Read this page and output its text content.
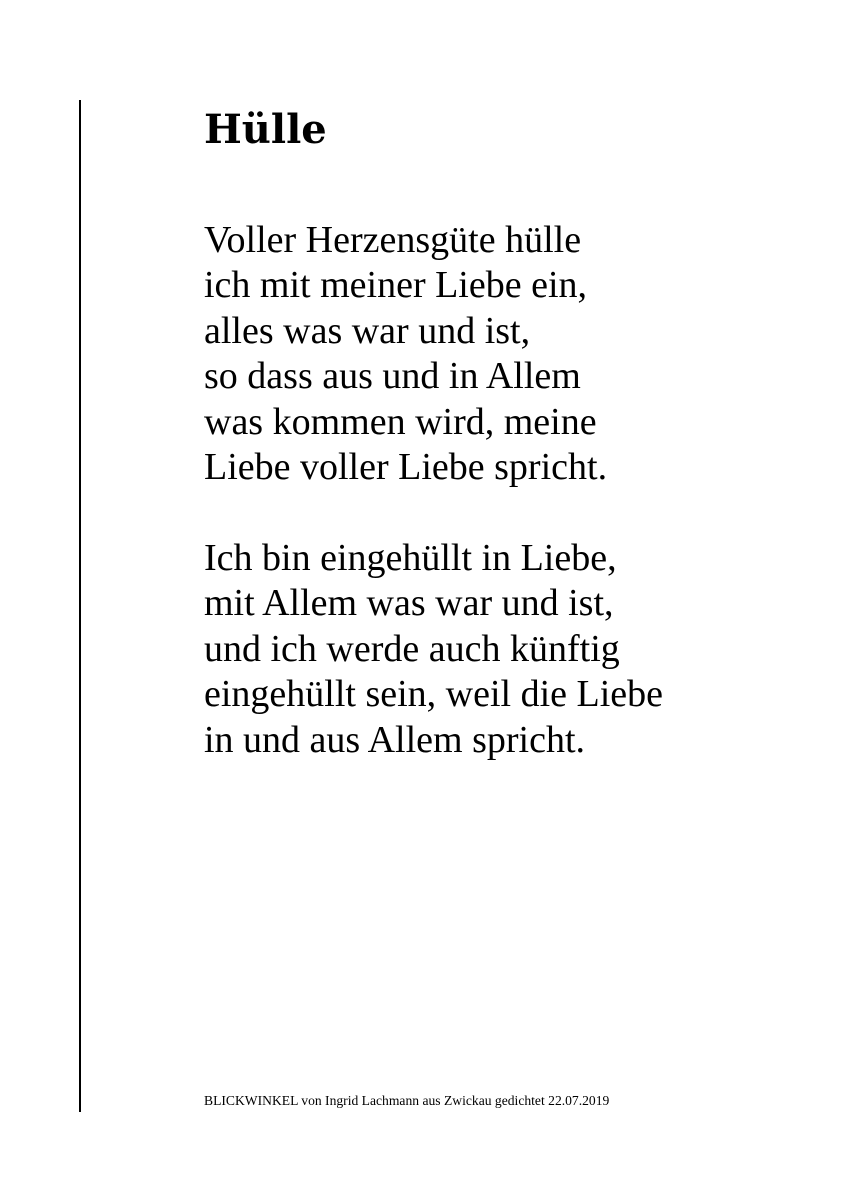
Hülle

Voller Herzensgüte hülle
ich mit meiner Liebe ein,
alles was war und ist,
so dass aus und in Allem
was kommen wird, meine
Liebe voller Liebe spricht.

Ich bin eingehüllt in Liebe,
mit Allem was war und ist,
und ich werde auch künftig
eingehüllt sein, weil die Liebe
in und aus Allem spricht.

BLICKWINKEL von Ingrid Lachmann aus Zwickau gedichtet 22.07.2019
